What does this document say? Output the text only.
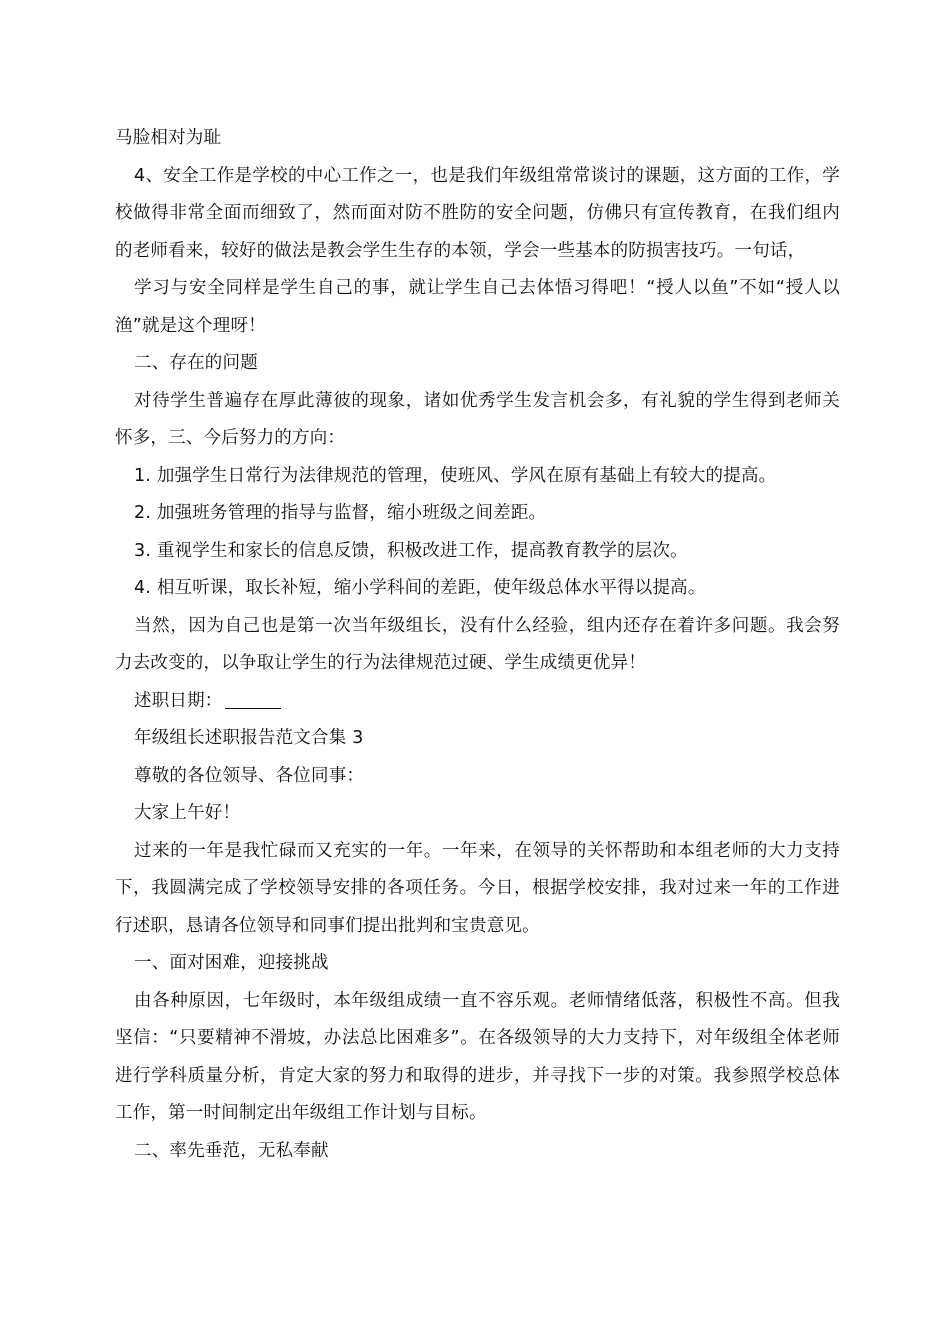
马脸相对为耻

4、安全工作是学校的中心工作之一，也是我们年级组常常谈讨的课题，这方面的工作，学校做得非常全面而细致了，然而面对防不胜防的安全问题，仿佛只有宣传教育，在我们组内的老师看来，较好的做法是教会学生生存的本领，学会一些基本的防损害技巧。一句话，

学习与安全同样是学生自己的事，就让学生自己去体悟习得吧！“授人以鱼”不如“授人以渔”就是这个理呀！

二、存在的问题

对待学生普遍存在厚此薄彼的现象，诸如优秀学生发言机会多，有礼貌的学生得到老师关怀多，三、今后努力的方向：

1. 加强学生日常行为法律规范的管理，使班风、学风在原有基础上有较大的提高。

2. 加强班务管理的指导与监督，缩小班级之间差距。

3. 重视学生和家长的信息反馈，积极改进工作，提高教育教学的层次。

4. 相互听课，取长补短，缩小学科间的差距，使年级总体水平得以提高。

当然，因为自己也是第一次当年级组长，没有什么经验，组内还存在着许多问题。我会努力去改变的，以争取让学生的行为法律规范过硬、学生成绩更优异！

述职日期：

年级组长述职报告范文合集 3

尊敬的各位领导、各位同事：

大家上午好！

过来的一年是我忙碌而又充实的一年。一年来，在领导的关怀帮助和本组老师的大力支持下，我圆满完成了学校领导安排的各项任务。今日，根据学校安排，我对过来一年的工作进行述职，恳请各位领导和同事们提出批判和宝贵意见。

一、面对困难，迎接挑战

由各种原因，七年级时，本年级组成绩一直不容乐观。老师情绪低落，积极性不高。但我坚信：“只要精神不滑坡，办法总比困难多”。在各级领导的大力支持下，对年级组全体老师进行学科质量分析，肯定大家的努力和取得的进步，并寻找下一步的对策。我参照学校总体工作，第一时间制定出年级组工作计划与目标。

二、率先垂范，无私奉献
